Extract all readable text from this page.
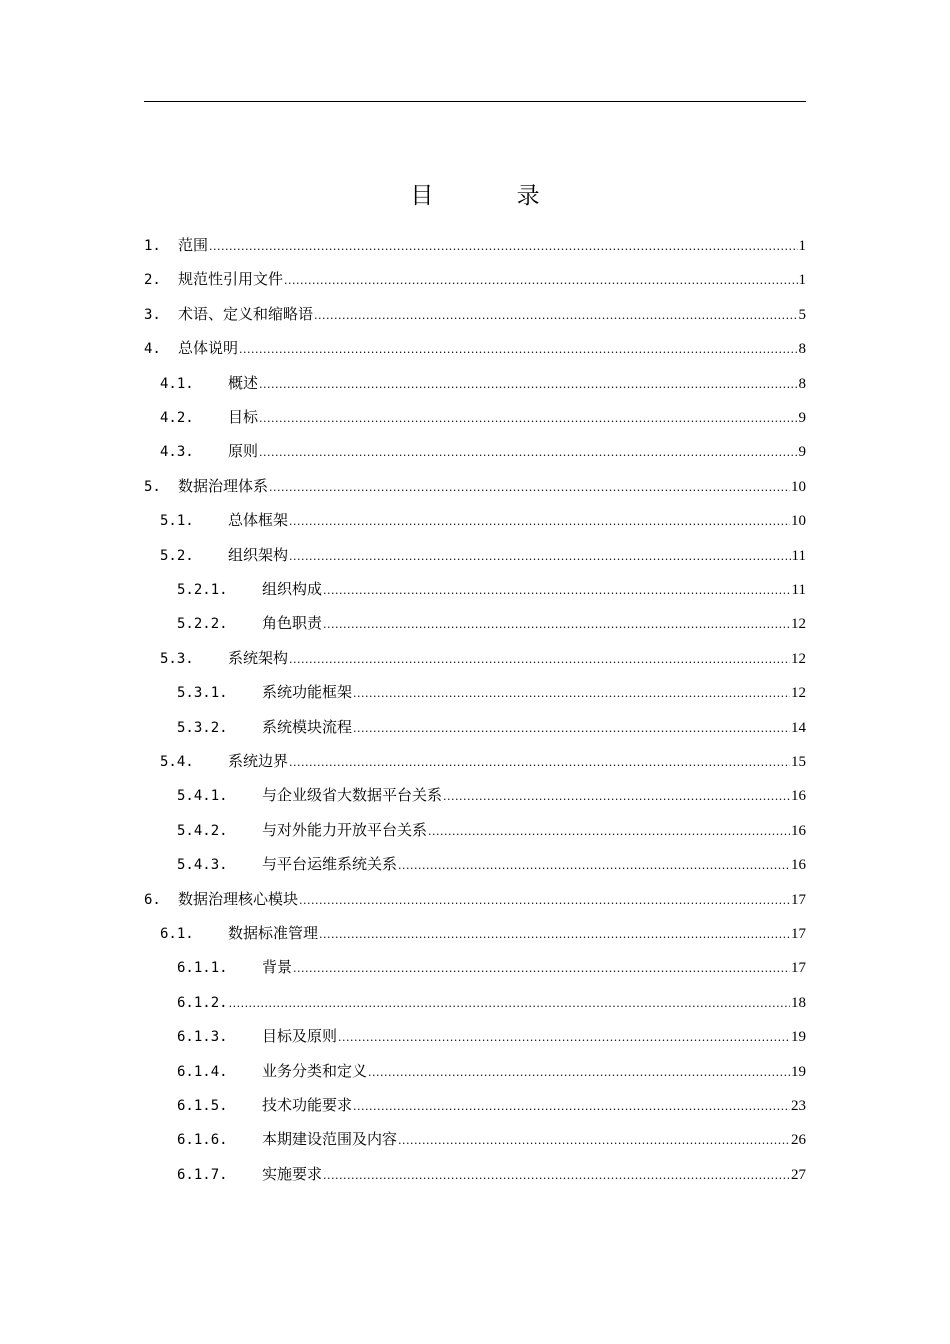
目 录
1.	范围 .....	1
2.	规范性引用文件 .....	1
3.	术语、定义和缩略语 .....	5
4.	总体说明 .....	8
4.1.	概述 .....	8
4.2.	目标 .....	9
4.3.	原则 .....	9
5.	数据治理体系 .....	10
5.1.	总体框架 .....	10
5.2.	组织架构 .....	11
5.2.1.	组织构成 .....	11
5.2.2.	角色职责 .....	12
5.3.	系统架构 .....	12
5.3.1.	系统功能框架 .....	12
5.3.2.	系统模块流程 .....	14
5.4.	系统边界 .....	15
5.4.1.	与企业级省大数据平台关系 .....	16
5.4.2.	与对外能力开放平台关系 .....	16
5.4.3.	与平台运维系统关系 .....	16
6.	数据治理核心模块 .....	17
6.1.	数据标准管理 .....	17
6.1.1.	背景 .....	17
6.1.2. .....	18
6.1.3.	目标及原则 .....	19
6.1.4.	业务分类和定义 .....	19
6.1.5.	技术功能要求 .....	23
6.1.6.	本期建设范围及内容 .....	26
6.1.7.	实施要求 .....	27
